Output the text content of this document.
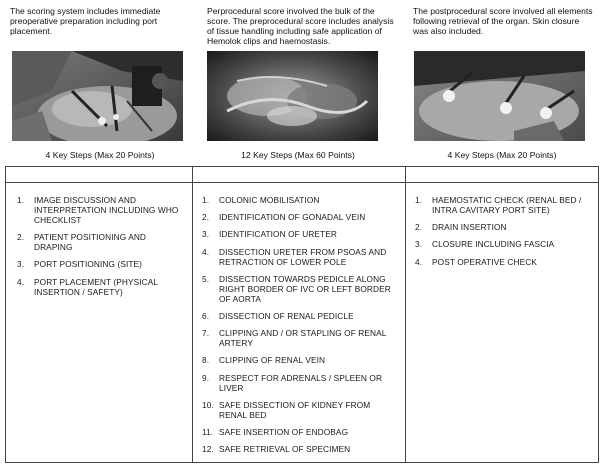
The scoring system includes immediate preoperative preparation including port placement.
Perprocedural score involved the bulk of the score. The preprocedural score includes analysis of tissue handling including safe application of Hemolok clips and haemostasis.
The postprocedural score involved all elements following retrieval of the organ. Skin closure was also included.
4 Key Steps (Max 20 Points)	12 Key Steps (Max 60 Points)	4 Key Steps (Max 20 Points)
1. IMAGE DISCUSSION AND INTERPRETATION INCLUDING WHO CHECKLIST
2. PATIENT POSITIONING AND DRAPING
3. PORT POSITIONING (SITE)
4. PORT PLACEMENT (PHYSICAL INSERTION / SAFETY)
1. COLONIC MOBILISATION
2. IDENTIFICATION OF GONADAL VEIN
3. IDENTIFICATION OF URETER
4. DISSECTION URETER FROM PSOAS AND RETRACTION OF LOWER POLE
5. DISSECTION TOWARDS PEDICLE ALONG RIGHT BORDER OF IVC OR LEFT BORDER OF AORTA
6. DISSECTION OF RENAL PEDICLE
7. CLIPPING AND / OR STAPLING OF RENAL ARTERY
8. CLIPPING OF RENAL VEIN
9. RESPECT FOR ADRENALS / SPLEEN OR LIVER
10. SAFE DISSECTION OF KIDNEY FROM RENAL BED
11. SAFE INSERTION OF ENDOBAG
12. SAFE RETRIEVAL OF SPECIMEN
1. HAEMOSTATIC CHECK (RENAL BED / INTRA CAVITARY PORT SITE)
2. DRAIN INSERTION
3. CLOSURE INCLUDING FASCIA
4. POST OPERATIVE CHECK
